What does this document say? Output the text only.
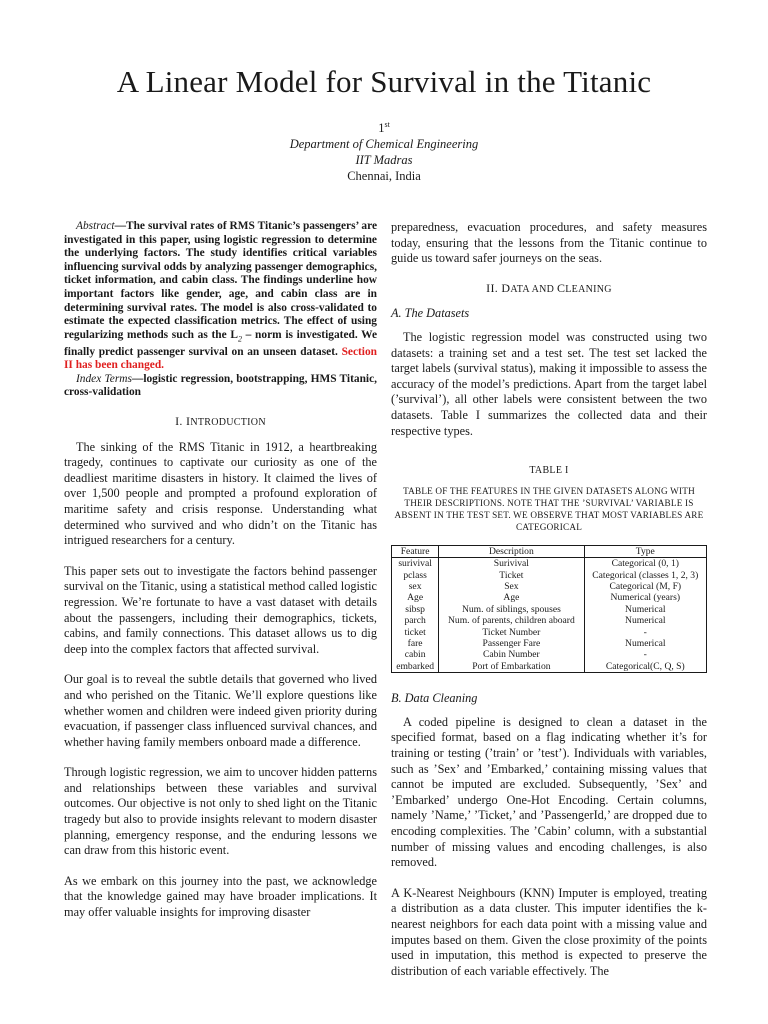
A Linear Model for Survival in the Titanic
1st
Department of Chemical Engineering
IIT Madras
Chennai, India

Abstract—The survival rates of RMS Titanic’s passengers’ are investigated in this paper, using logistic regression to determine the underlying factors. The study identifies critical variables influencing survival odds by analyzing passenger demographics, ticket information, and cabin class. The findings underline how important factors like gender, age, and cabin class are in determining survival rates. The model is also cross-validated to estimate the expected classification metrics. The effect of using regularizing methods such as the $L_2$ – norm is investigated. We finally predict passenger survival on an unseen dataset. Section II has been changed.

Index Terms—logistic regression, bootstrapping, HMS Titanic, cross-validation

I. INTRODUCTION

The sinking of the RMS Titanic in 1912, a heartbreaking tragedy, continues to captivate our curiosity as one of the deadliest maritime disasters in history. It claimed the lives of over 1,500 people and prompted a profound exploration of maritime safety and crisis response. Understanding what determined who survived and who didn’t on the Titanic has intrigued researchers for a century.

This paper sets out to investigate the factors behind passenger survival on the Titanic, using a statistical method called logistic regression. We’re fortunate to have a vast dataset with details about the passengers, including their demographics, tickets, cabins, and family connections. This dataset allows us to dig deep into the complex factors that affected survival.

Our goal is to reveal the subtle details that governed who lived and who perished on the Titanic. We’ll explore questions like whether women and children were indeed given priority during evacuation, if passenger class influenced survival chances, and whether having family members onboard made a difference.

Through logistic regression, we aim to uncover hidden patterns and relationships between these variables and survival outcomes. Our objective is not only to shed light on the Titanic tragedy but also to provide insights relevant to modern disaster planning, emergency response, and the enduring lessons we can draw from this historic event.

As we embark on this journey into the past, we acknowledge that the knowledge gained may have broader implications. It may offer valuable insights for improving disaster

preparedness, evacuation procedures, and safety measures today, ensuring that the lessons from the Titanic continue to guide us toward safer journeys on the seas.

II. DATA AND CLEANING
A. The Datasets

The logistic regression model was constructed using two datasets: a training set and a test set. The test set lacked the target labels (survival status), making it impossible to assess the accuracy of the model’s predictions. Apart from the target label (’survival’), all other labels were consistent between the two datasets. Table I summarizes the collected data and their respective types.

TABLE I
TABLE OF THE FEATURES IN THE GIVEN DATASETS ALONG WITH THEIR DESCRIPTIONS. NOTE THAT THE ’SURVIVAL’ VARIABLE IS ABSENT IN THE TEST SET. WE OBSERVE THAT MOST VARIABLES ARE CATEGORICAL
Feature	Description	Type
surivival	Surivival	Categorical (0, 1)
pclass	Ticket	Categorical (classes 1, 2, 3)
sex	Sex	Categorical (M, F)
Age	Age	Numerical (years)
sibsp	Num. of siblings, spouses	Numerical
parch	Num. of parents, children aboard	Numerical
ticket	Ticket Number	-
fare	Passenger Fare	Numerical
cabin	Cabin Number	-
embarked	Port of Embarkation	Categorical(C, Q, S)
B. Data Cleaning

A coded pipeline is designed to clean a dataset in the specified format, based on a flag indicating whether it’s for training or testing (’train’ or ’test’). Individuals with variables, such as ’Sex’ and ’Embarked,’ containing missing values that cannot be imputed are excluded. Subsequently, ’Sex’ and ’Embarked’ undergo One-Hot Encoding. Certain columns, namely ’Name,’ ’Ticket,’ and ’PassengerId,’ are dropped due to encoding complexities. The ’Cabin’ column, with a substantial number of missing values and encoding challenges, is also removed.

A K-Nearest Neighbours (KNN) Imputer is employed, treating a distribution as a data cluster. This imputer identifies the k-nearest neighbors for each data point with a missing value and imputes based on them. Given the close proximity of the points used in imputation, this method is expected to preserve the distribution of each variable effectively. The
